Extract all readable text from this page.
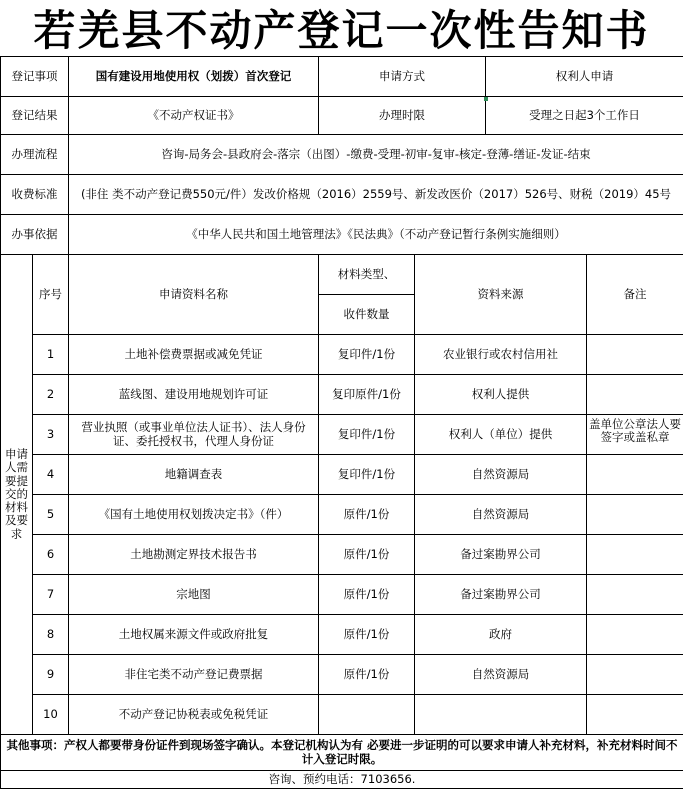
若羌县不动产登记一次性告知书
登记事项		国有建设用地使用权（划拨）首次登记	申请方式		权利人申请	
登记结果		《不动产权证书》	办理时限		受理之日起3个工作日	
办理流程		咨询-局务会-县政府会-落宗（出图）-缴费-受理-初审-复审-核定-登薄-缮证-发证-结束				
收费标准		(非住 类不动产登记费550元/件）发改价格规（2016）2559号、新发改医价（2017）526号、财税（2019）45号				
办事依据		《中华人民共和国土地管理法》《民法典》（不动产登记暂行条例实施细则）				
申请人需要提交的材料及要求	序号	申请资料名称	材料类型、	资料来源		备注
			收件数量			
	1	土地补偿费票据或减免凭证	复印件/1份	农业银行或农村信用社		
	2	蓝线图、建设用地规划许可证	复印原件/1份	权利人提供		
	3	营业执照（或事业单位法人证书）、法人身份证、委托授权书，代理人身份证	复印件/1份	权利人（单位）提供		盖单位公章法人要签字或盖私章

	4	地籍调查表	复印件/1份	自然资源局		
	5	《国有土地使用权划拨决定书》（件）	原件/1份	自然资源局		
	6	土地勘测定界技术报告书	原件/1份	备过案勘界公司		
	7	宗地图	原件/1份	备过案勘界公司		
	8	土地权属来源文件或政府批复	原件/1份	政府		
	9	非住宅类不动产登记费票据	原件/1份	自然资源局		
	10	不动产登记协税表或免税凭证				
其他事项：产权人都要带身份证件到现场签字确认。本登记机构认为有 必要进一步证明的可以要求申请人补充材料，补充材料时间不计入登记时限。						
咨询、预约电话：7103656.						
